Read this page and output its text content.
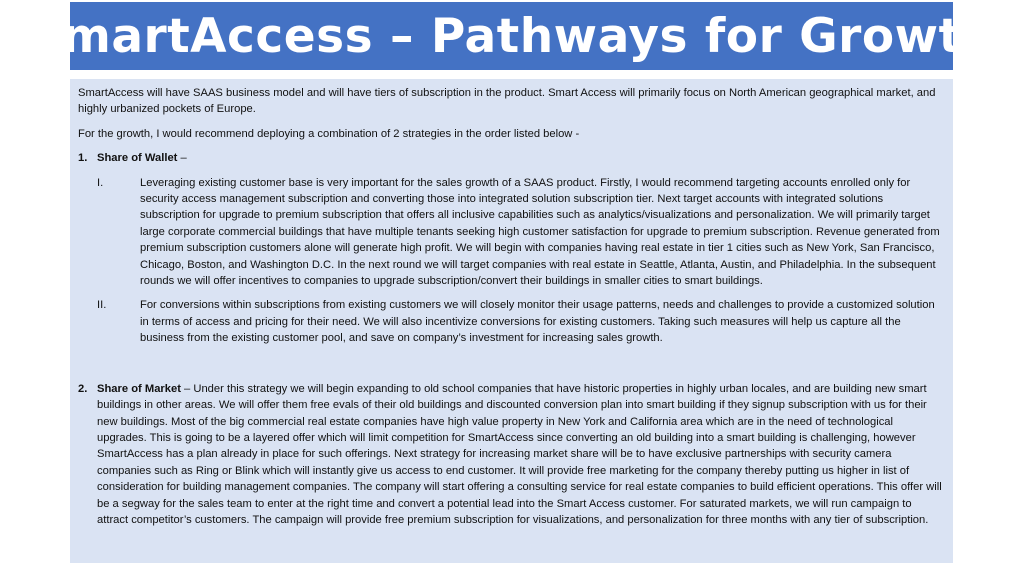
SmartAccess – Pathways for Growth

SmartAccess will have SAAS business model and will have tiers of subscription in the product. Smart Access will primarily focus on North American geographical market, and highly urbanized pockets of Europe.

For the growth, I would recommend deploying a combination of 2 strategies in the order listed below -

1. Share of Wallet –
I.	Leveraging existing customer base is very important for the sales growth of a SAAS product. Firstly, I would recommend targeting accounts enrolled only for security access management subscription and converting those into integrated solution subscription tier. Next target accounts with integrated solutions subscription for upgrade to premium subscription that offers all inclusive capabilities such as analytics/visualizations and personalization. We will primarily target large corporate commercial buildings that have multiple tenants seeking high customer satisfaction for upgrade to premium subscription. Revenue generated from premium subscription customers alone will generate high profit. We will begin with companies having real estate in tier 1 cities such as New York, San Francisco, Chicago, Boston, and Washington D.C. In the next round we will target companies with real estate in Seattle, Atlanta, Austin, and Philadelphia. In the subsequent rounds we will offer incentives to companies to upgrade subscription/convert their buildings in smaller cities to smart buildings.
II.	For conversions within subscriptions from existing customers we will closely monitor their usage patterns, needs and challenges to provide a customized solution in terms of access and pricing for their need. We will also incentivize conversions for existing customers. Taking such measures will help us capture all the business from the existing customer pool, and save on company’s investment for increasing sales growth.
2. Share of Market – Under this strategy we will begin expanding to old school companies that have historic properties in highly urban locales, and are building new smart buildings in other areas. We will offer them free evals of their old buildings and discounted conversion plan into smart building if they signup subscription with us for their new buildings. Most of the big commercial real estate companies have high value property in New York and California area which are in the need of technological upgrades. This is going to be a layered offer which will limit competition for SmartAccess since converting an old building into a smart building is challenging, however SmartAccess has a plan already in place for such offerings. Next strategy for increasing market share will be to have exclusive partnerships with security camera companies such as Ring or Blink which will instantly give us access to end customer. It will provide free marketing for the company thereby putting us higher in list of consideration for building management companies. The company will start offering a consulting service for real estate companies to build efficient operations. This offer will be a segway for the sales team to enter at the right time and convert a potential lead into the Smart Access customer. For saturated markets, we will run campaign to attract competitor’s customers. The campaign will provide free premium subscription for visualizations, and personalization for three months with any tier of subscription.
